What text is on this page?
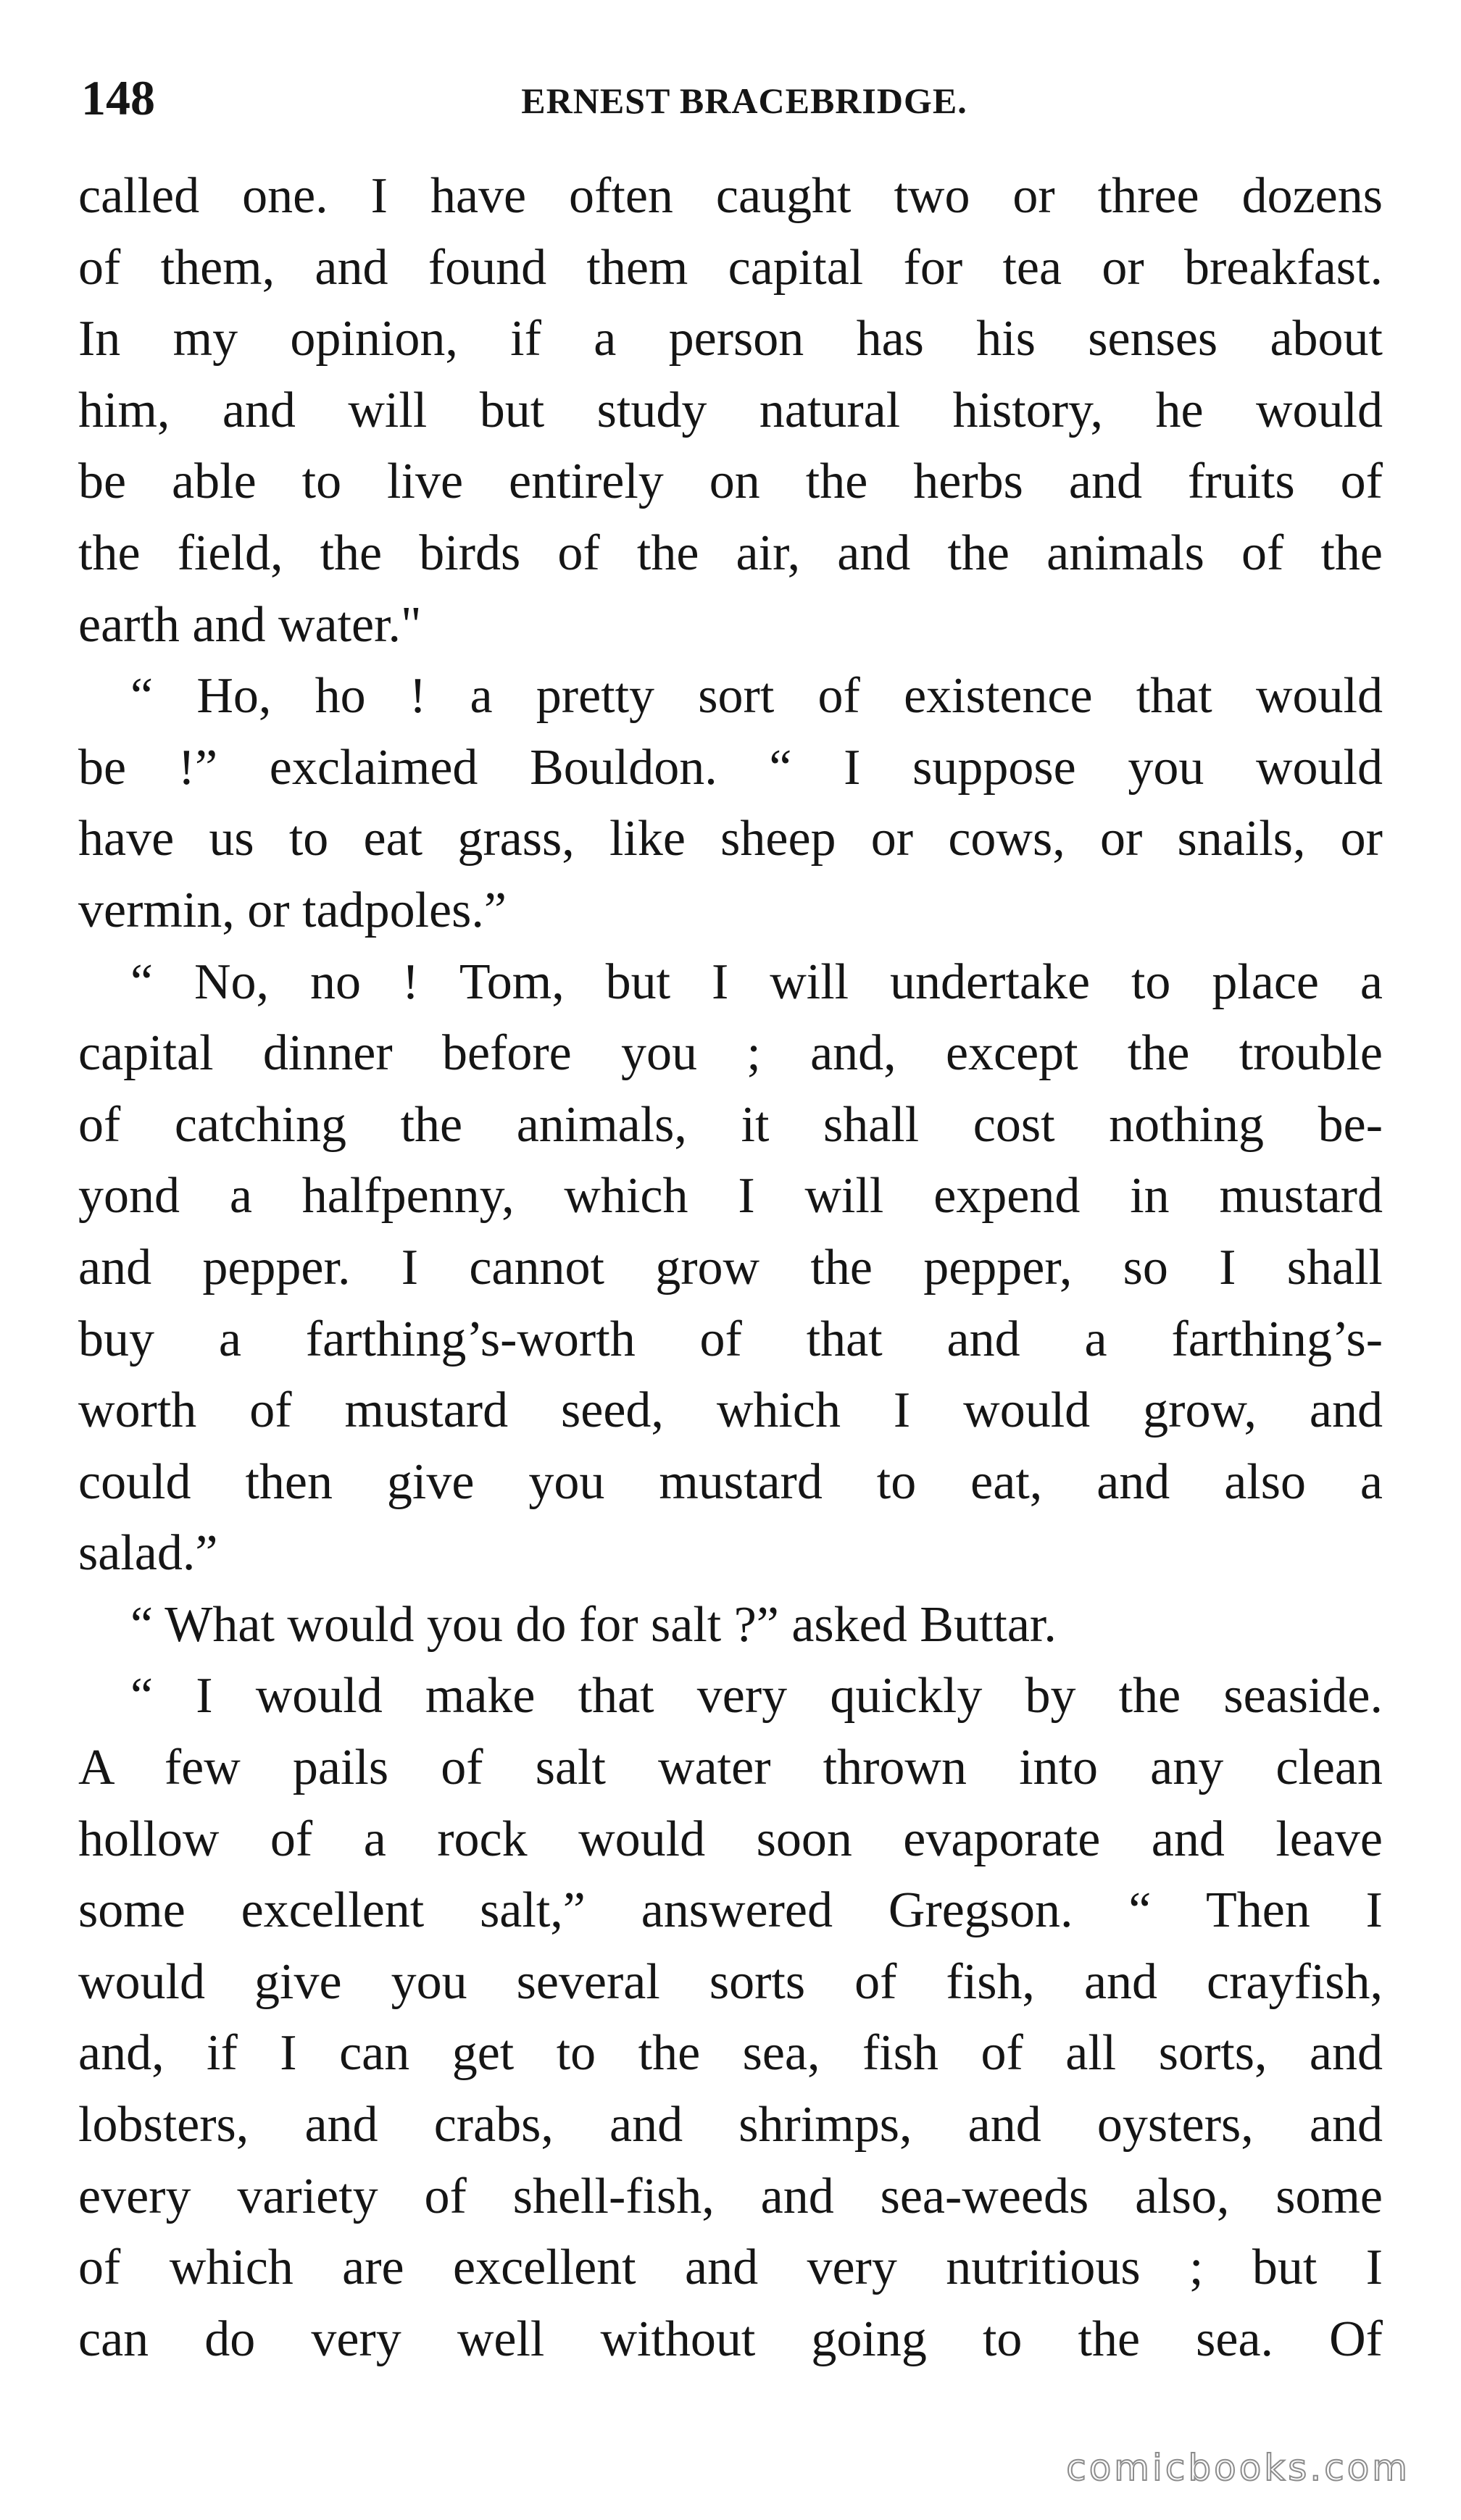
148	ERNEST BRACEBRIDGE.
called one. I have often caught two or three dozens
of them, and found them capital for tea or breakfast.
In my opinion, if a person has his senses about
him, and will but study natural history, he would
be able to live entirely on the herbs and fruits of
the field, the birds of the air, and the animals of the
earth and water."
“ Ho, ho ! a pretty sort of existence that would
be !” exclaimed Bouldon. “ I suppose you would
have us to eat grass, like sheep or cows, or snails, or
vermin, or tadpoles.”
“ No, no ! Tom, but I will undertake to place a
capital dinner before you ; and, except the trouble
of catching the animals, it shall cost nothing be-
yond a halfpenny, which I will expend in mustard
and pepper. I cannot grow the pepper, so I shall
buy a farthing’s-worth of that and a farthing’s-
worth of mustard seed, which I would grow, and
could then give you mustard to eat, and also a
salad.”
“ What would you do for salt ?” asked Buttar.
“ I would make that very quickly by the seaside.
A few pails of salt water thrown into any clean
hollow of a rock would soon evaporate and leave
some excellent salt,” answered Gregson. “ Then I
would give you several sorts of fish, and crayfish,
and, if I can get to the sea, fish of all sorts, and
lobsters, and crabs, and shrimps, and oysters, and
every variety of shell-fish, and sea-weeds also, some
of which are excellent and very nutritious ; but I
can do very well without going to the sea. Of
comicbooks.com
